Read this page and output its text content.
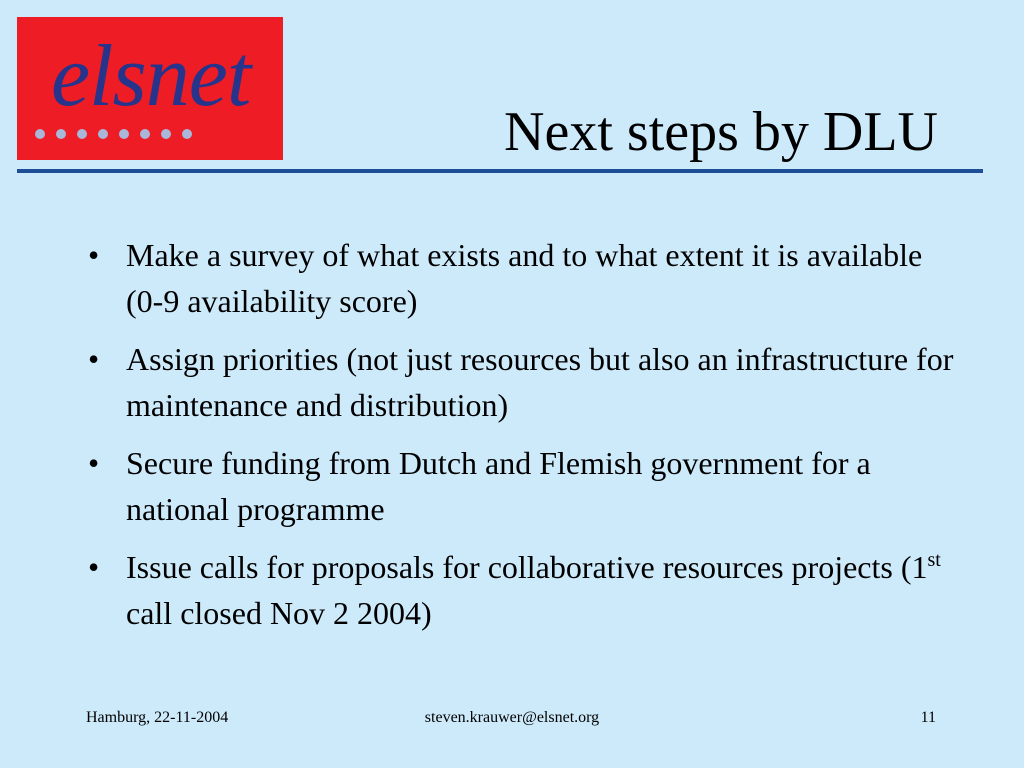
elsnet
Next steps by DLU
• Make a survey of what exists and to what extent it is available (0-9 availability score)
• Assign priorities (not just resources but also an infrastructure for maintenance and distribution)
• Secure funding from Dutch and Flemish government for a national programme
• Issue calls for proposals for collaborative resources projects (1st call closed Nov 2 2004)
Hamburg, 22-11-2004	steven.krauwer@elsnet.org	11
